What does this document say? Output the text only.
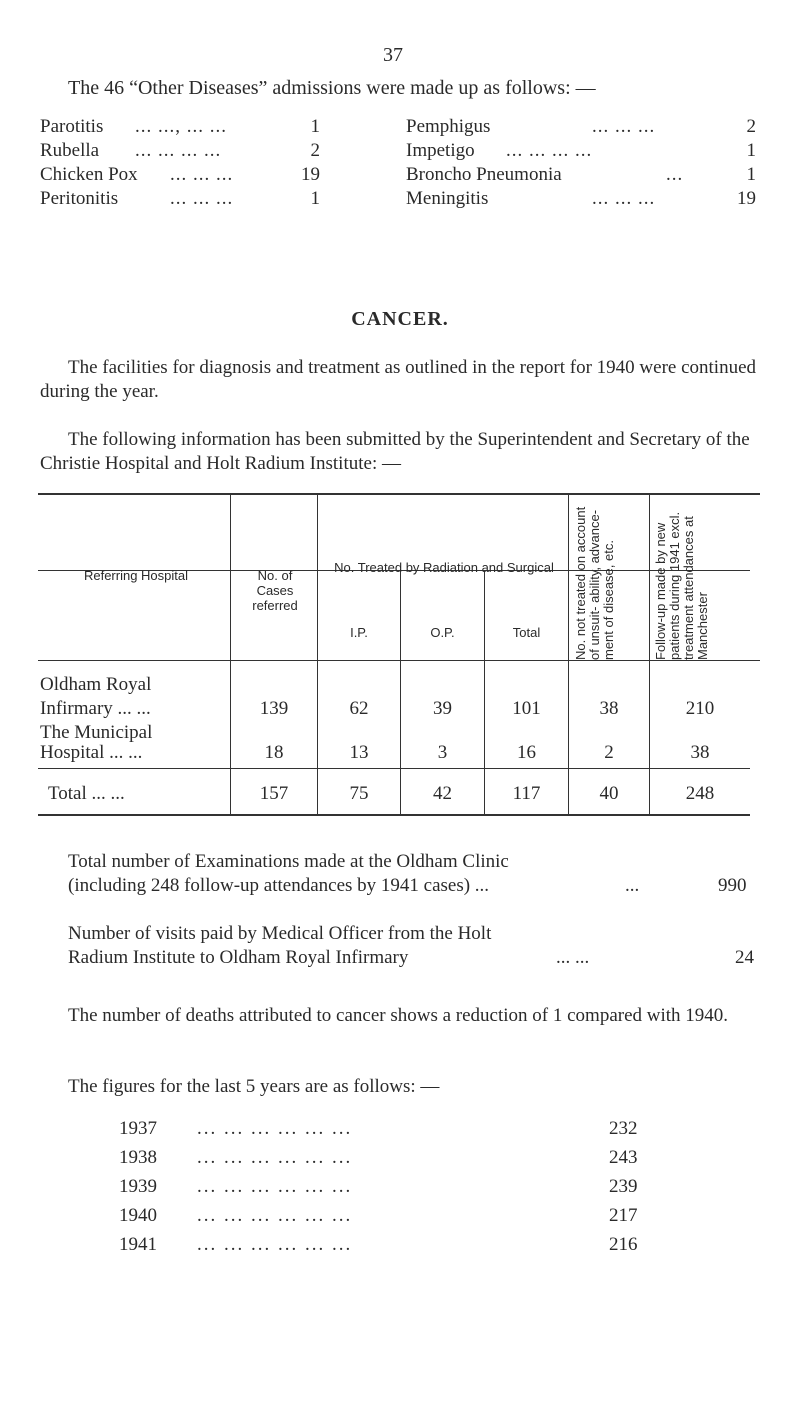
37
The 46 “Other Diseases” admissions were made up as follows: —
Parotitis ... ..., ... ...	1
Rubella ... ... ... ...	2
Chicken Pox ... ... ...	19
Peritonitis	... ... ...	1
Pemphigus	... ... ...	2
Impetigo ... ... ... ...	1
Broncho Pneumonia	...	1
Meningitis	... ... ...	19
CANCER.
The facilities for diagnosis and treatment as outlined in the report for 1940 were continued during the year.
The following information has been submitted by the Superintendent and Secretary of the Christie Hospital and Holt Radium Institute: —
Referring Hospital	No. of Cases referred
No. Treated by Radiation and Surgical
I.P.	O.P.	Total	No. not treated on account of unsuit- ability, advance- ment of disease, etc.	Follow-up made by new patients during 1941 excl. treatment attendances at Manchester
Oldham Royal
Infirmary ... ...	139	62	39	101	38	210
The Municipal
Hospital ... ...	18	13	3	16	2	38
Total ... ...	157	75	42	117	40	248
Total number of Examinations made at the Oldham Clinic
(including 248 follow-up attendances by 1941 cases) ...	...	990
Number of visits paid by Medical Officer from the Holt
Radium Institute to Oldham Royal Infirmary	... ...	24
The number of deaths attributed to cancer shows a reduction of 1 compared with 1940.
The figures for the last 5 years are as follows: —
1937 ... ... ... ... ... ...	232
1938 ... ... ... ... ... ...	243
1939 ... ... ... ... ... ...	239
1940 ... ... ... ... ... ...	217
1941 ... ... ... ... ... ...	216
